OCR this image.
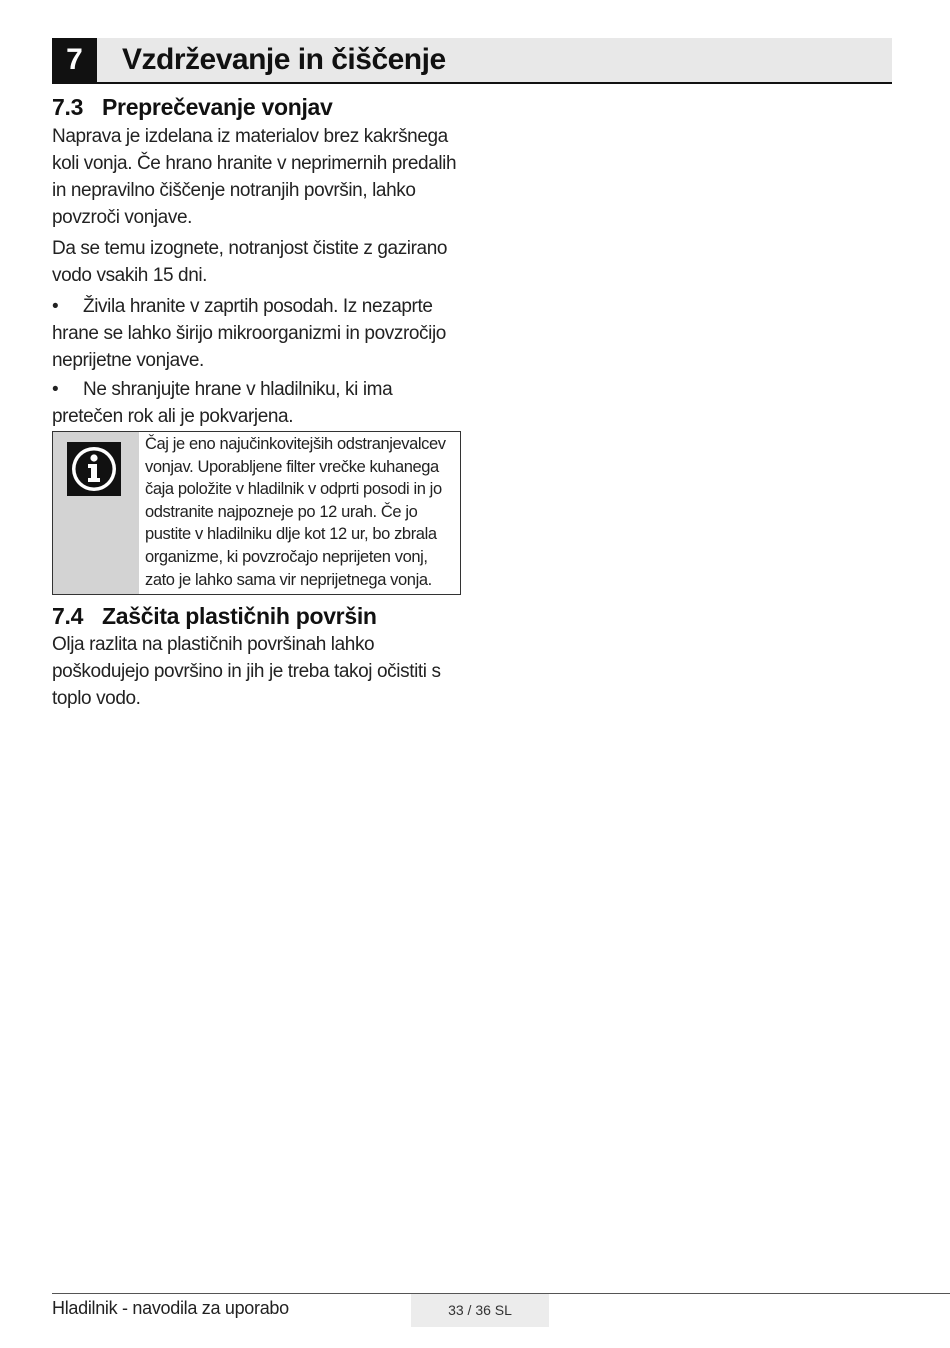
7	Vzdrževanje in čiščenje
7.3 Preprečevanje vonjav

Naprava je izdelana iz materialov brez kakršnega koli vonja. Če hrano hranite v neprimernih predalih in nepravilno čiščenje notranjih površin, lahko povzroči vonjave.

Da se temu izognete, notranjost čistite z gazirano vodo vsakih 15 dni.

• Živila hranite v zaprtih posodah. Iz nezaprte hrane se lahko širijo mikroorganizmi in povzročijo neprijetne vonjave.

• Ne shranjujte hrane v hladilniku, ki ima pretečen rok ali je pokvarjena.

Čaj je eno najučinkovitejših odstranjevalcev vonjav. Uporabljene filter vrečke kuhanega čaja položite v hladilnik v odprti posodi in jo odstranite najpozneje po 12 urah. Če jo pustite v hladilniku dlje kot 12 ur, bo zbrala organizme, ki povzročajo neprijeten vonj, zato je lahko sama vir neprijetnega vonja.
7.4 Zaščita plastičnih površin

Olja razlita na plastičnih površinah lahko poškodujejo površino in jih je treba takoj očistiti s toplo vodo.

Hladilnik - navodila za uporabo	33 / 36 SL
